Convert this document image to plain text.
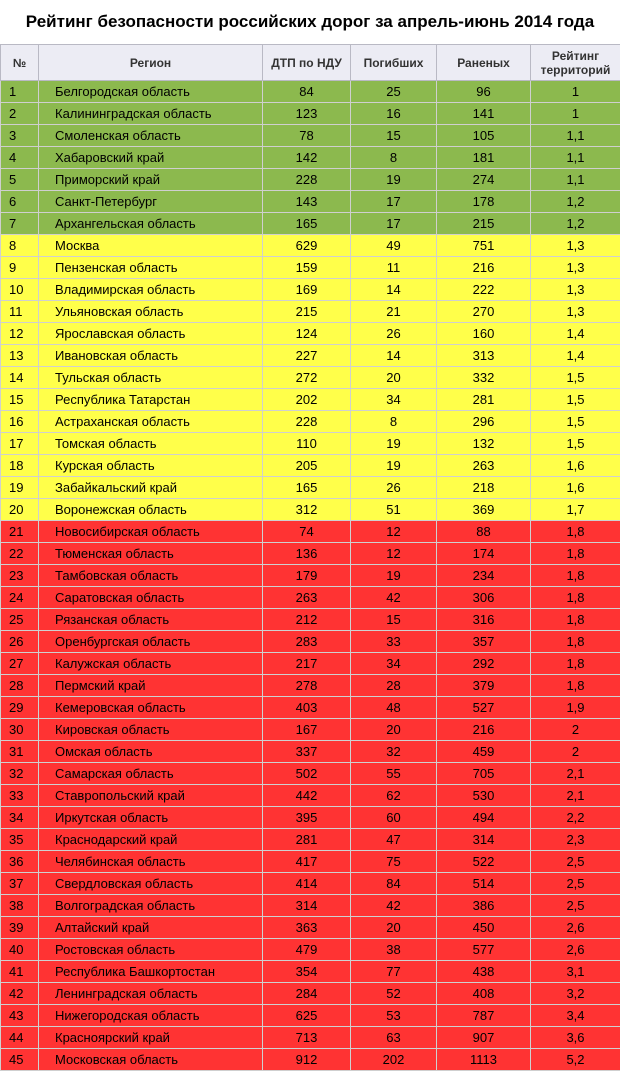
Рейтинг безопасности российских дорог за апрель-июнь 2014 года
№	Регион	ДТП по НДУ	Погибших	Раненых	Рейтинг территорий
1	Белгородская область	84	25	96	1
2	Калининградская область	123	16	141	1
3	Смоленская область	78	15	105	1,1
4	Хабаровский край	142	8	181	1,1
5	Приморский край	228	19	274	1,1
6	Санкт-Петербург	143	17	178	1,2
7	Архангельская область	165	17	215	1,2
8	Москва	629	49	751	1,3
9	Пензенская область	159	11	216	1,3
10	Владимирская область	169	14	222	1,3
11	Ульяновская область	215	21	270	1,3
12	Ярославская область	124	26	160	1,4
13	Ивановская область	227	14	313	1,4
14	Тульская область	272	20	332	1,5
15	Республика Татарстан	202	34	281	1,5
16	Астраханская область	228	8	296	1,5
17	Томская область	110	19	132	1,5
18	Курская область	205	19	263	1,6
19	Забайкальский край	165	26	218	1,6
20	Воронежская область	312	51	369	1,7
21	Новосибирская область	74	12	88	1,8
22	Тюменская область	136	12	174	1,8
23	Тамбовская область	179	19	234	1,8
24	Саратовская область	263	42	306	1,8
25	Рязанская область	212	15	316	1,8
26	Оренбургская область	283	33	357	1,8
27	Калужская область	217	34	292	1,8
28	Пермский край	278	28	379	1,8
29	Кемеровская область	403	48	527	1,9
30	Кировская область	167	20	216	2
31	Омская область	337	32	459	2
32	Самарская область	502	55	705	2,1
33	Ставропольский край	442	62	530	2,1
34	Иркутская область	395	60	494	2,2
35	Краснодарский край	281	47	314	2,3
36	Челябинская область	417	75	522	2,5
37	Свердловская область	414	84	514	2,5
38	Волгоградская область	314	42	386	2,5
39	Алтайский край	363	20	450	2,6
40	Ростовская область	479	38	577	2,6
41	Республика Башкортостан	354	77	438	3,1
42	Ленинградская область	284	52	408	3,2
43	Нижегородская область	625	53	787	3,4
44	Красноярский край	713	63	907	3,6
45	Московская область	912	202	1113	5,2
